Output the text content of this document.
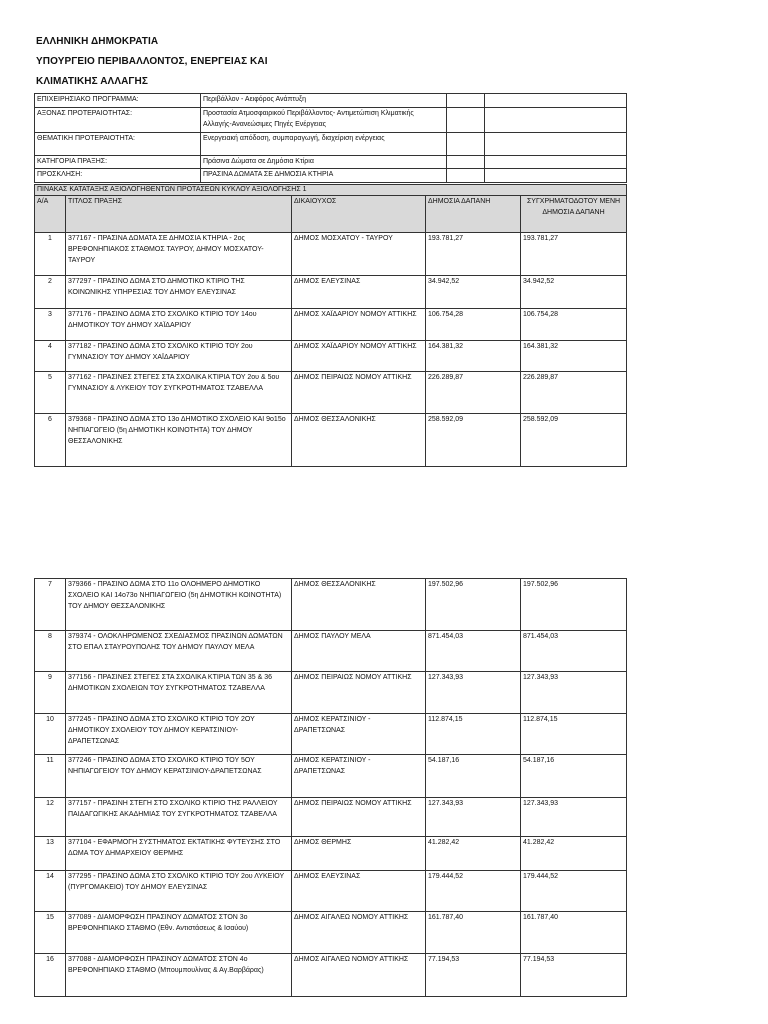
ΕΛΛΗΝΙΚΗ ΔΗΜΟΚΡΑΤΙΑ
ΥΠΟΥΡΓΕΙΟ ΠΕΡΙΒΑΛΛΟΝΤΟΣ, ΕΝΕΡΓΕΙΑΣ ΚΑΙ
ΚΛΙΜΑΤΙΚΗΣ ΑΛΛΑΓΗΣ
ΕΠΙΧΕΙΡΗΣΙΑΚΟ ΠΡΟΓΡΑΜΜΑ:	Περιβάλλον - Αειφόρος Ανάπτυξη		
ΑΞΟΝΑΣ ΠΡΟΤΕΡΑΙΟΤΗΤΑΣ:	Προστασία Ατμοσφαιρικού Περιβάλλοντος- Αντιμετώπιση Κλιματικής Αλλαγής-Ανανεώσιμες Πηγές Ενέργειας		
ΘΕΜΑΤΙΚΗ ΠΡΟΤΕΡΑΙΟΤΗΤΑ:	Ενεργειακή απόδοση, συμπαραγωγή, διαχείριση ενέργειας		
ΚΑΤΗΓΟΡΙΑ ΠΡΑΞΗΣ:	Πράσινα Δώματα σε Δημόσια Κτίρια		
ΠΡΟΣΚΛΗΣΗ:	ΠΡΑΣΙΝΑ ΔΩΜΑΤΑ ΣΕ ΔΗΜΟΣΙΑ ΚΤΗΡΙΑ		
ΠΙΝΑΚΑΣ ΚΑΤΑΤΑΞΗΣ ΑΞΙΟΛΟΓΗΘΕΝΤΩΝ ΠΡΟΤΑΣΕΩΝ ΚΥΚΛΟΥ ΑΞΙΟΛΟΓΗΣΗΣ 1				
Α/Α	ΤΙΤΛΟΣ ΠΡΑΞΗΣ	ΔΙΚΑΙΟΥΧΟΣ	ΔΗΜΟΣΙΑ ΔΑΠΑΝΗ	ΣΥΓΧΡΗΜΑΤΟΔΟΤΟΥ ΜΕΝΗ ΔΗΜΟΣΙΑ ΔΑΠΑΝΗ
1	377167 - ΠΡΑΣΙΝΑ ΔΩΜΑΤΑ ΣΕ ΔΗΜΟΣΙΑ ΚΤΗΡΙΑ - 2ος ΒΡΕΦΟΝΗΠΙΑΚΟΣ ΣΤΑΘΜΟΣ ΤΑΥΡΟΥ, ΔΗΜΟΥ ΜΟΣΧΑΤΟΥ-ΤΑΥΡΟΥ	ΔΗΜΟΣ ΜΟΣΧΑΤΟΥ - ΤΑΥΡΟΥ	193.781,27	193.781,27
2	377297 - ΠΡΑΣΙΝΟ ΔΩΜΑ ΣΤΟ ΔΗΜΟΤΙΚΟ ΚΤΙΡΙΟ ΤΗΣ ΚΟΙΝΩΝΙΚΗΣ ΥΠΗΡΕΣΙΑΣ ΤΟΥ ΔΗΜΟΥ ΕΛΕΥΣΙΝΑΣ	ΔΗΜΟΣ ΕΛΕΥΣΙΝΑΣ	34.942,52	34.942,52
3	377176 - ΠΡΑΣΙΝΟ ΔΩΜΑ ΣΤΟ ΣΧΟΛΙΚΟ ΚΤΙΡΙΟ ΤΟΥ 14ου ΔΗΜΟΤΙΚΟΥ ΤΟΥ ΔΗΜΟΥ ΧΑΪΔΑΡΙΟΥ	ΔΗΜΟΣ ΧΑΪΔΑΡΙΟΥ ΝΟΜΟΥ ΑΤΤΙΚΗΣ	106.754,28	106.754,28
4	377182 - ΠΡΑΣΙΝΟ ΔΩΜΑ ΣΤΟ ΣΧΟΛΙΚΟ ΚΤΙΡΙΟ ΤΟΥ 2ου ΓΥΜΝΑΣΙΟΥ ΤΟΥ ΔΗΜΟΥ ΧΑΪΔΑΡΙΟΥ	ΔΗΜΟΣ ΧΑΪΔΑΡΙΟΥ ΝΟΜΟΥ ΑΤΤΙΚΗΣ	164.381,32	164.381,32
5	377162 - ΠΡΑΣΙΝΕΣ ΣΤΕΓΕΣ ΣΤΑ ΣΧΟΛΙΚΑ ΚΤΙΡΙΑ ΤΟΥ 2ου & 5ου ΓΥΜΝΑΣΙΟΥ & ΛΥΚΕΙΟΥ ΤΟΥ ΣΥΓΚΡΟΤΗΜΑΤΟΣ ΤΖΑΒΕΛΛΑ	ΔΗΜΟΣ ΠΕΙΡΑΙΩΣ ΝΟΜΟΥ ΑΤΤΙΚΗΣ	226.289,87	226.289,87
6	379368 - ΠΡΑΣΙΝΟ ΔΩΜΑ ΣΤΟ 13ο ΔΗΜΟΤΙΚΟ ΣΧΟΛΕΙΟ ΚΑΙ 9ο15ο ΝΗΠΙΑΓΩΓΕΙΟ (5η ΔΗΜΟΤΙΚΗ ΚΟΙΝΟΤΗΤΑ) ΤΟΥ ΔΗΜΟΥ ΘΕΣΣΑΛΟΝΙΚΗΣ	ΔΗΜΟΣ ΘΕΣΣΑΛΟΝΙΚΗΣ	258.592,09	258.592,09
7	379366 - ΠΡΑΣΙΝΟ ΔΩΜΑ ΣΤΟ 11ο ΟΛΟΗΜΕΡΟ ΔΗΜΟΤΙΚΟ ΣΧΟΛΕΙΟ ΚΑΙ 14ο73ο ΝΗΠΙΑΓΩΓΕΙΟ (5η ΔΗΜΟΤΙΚΗ ΚΟΙΝΟΤΗΤΑ) ΤΟΥ ΔΗΜΟΥ ΘΕΣΣΑΛΟΝΙΚΗΣ	ΔΗΜΟΣ ΘΕΣΣΑΛΟΝΙΚΗΣ	197.502,96	197.502,96
8	379374 - ΟΛΟΚΛΗΡΩΜΕΝΟΣ ΣΧΕΔΙΑΣΜΟΣ ΠΡΑΣΙΝΩΝ ΔΩΜΑΤΩΝ ΣΤΟ ΕΠΑΛ ΣΤΑΥΡΟΥΠΟΛΗΣ ΤΟΥ ΔΗΜΟΥ ΠΑΥΛΟΥ ΜΕΛΑ	ΔΗΜΟΣ ΠΑΥΛΟΥ ΜΕΛΑ	871.454,03	871.454,03
9	377156 - ΠΡΑΣΙΝΕΣ ΣΤΕΓΕΣ ΣΤΑ ΣΧΟΛΙΚΑ ΚΤΙΡΙΑ ΤΩΝ 35 & 36 ΔΗΜΟΤΙΚΩΝ ΣΧΟΛΕΙΩΝ ΤΟΥ ΣΥΓΚΡΟΤΗΜΑΤΟΣ ΤΖΑΒΕΛΛΑ	ΔΗΜΟΣ ΠΕΙΡΑΙΩΣ ΝΟΜΟΥ ΑΤΤΙΚΗΣ	127.343,93	127.343,93
10	377245 - ΠΡΑΣΙΝΟ ΔΩΜΑ ΣΤΟ ΣΧΟΛΙΚΟ ΚΤΙΡΙΟ ΤΟΥ 2ΟΥ ΔΗΜΟΤΙΚΟΥ ΣΧΟΛΕΙΟΥ ΤΟΥ ΔΗΜΟΥ ΚΕΡΑΤΣΙΝΙΟΥ-ΔΡΑΠΕΤΣΩΝΑΣ	ΔΗΜΟΣ ΚΕΡΑΤΣΙΝΙΟΥ - ΔΡΑΠΕΤΣΩΝΑΣ	112.874,15	112.874,15
11	377246 - ΠΡΑΣΙΝΟ ΔΩΜΑ ΣΤΟ ΣΧΟΛΙΚΟ ΚΤΙΡΙΟ ΤΟΥ 5ΟΥ ΝΗΠΙΑΓΩΓΕΙΟΥ ΤΟΥ ΔΗΜΟΥ ΚΕΡΑΤΣΙΝΙΟΥ-ΔΡΑΠΕΤΣΩΝΑΣ	ΔΗΜΟΣ ΚΕΡΑΤΣΙΝΙΟΥ - ΔΡΑΠΕΤΣΩΝΑΣ	54.187,16	54.187,16
12	377157 - ΠΡΑΣΙΝΗ ΣΤΕΓΗ ΣΤΟ ΣΧΟΛΙΚΟ ΚΤΙΡΙΟ ΤΗΣ ΡΑΛΛΕΙΟΥ ΠΑΙΔΑΓΩΓΙΚΗΣ ΑΚΑΔΗΜΙΑΣ ΤΟΥ ΣΥΓΚΡΟΤΗΜΑΤΟΣ ΤΖΑΒΕΛΛΑ	ΔΗΜΟΣ ΠΕΙΡΑΙΩΣ ΝΟΜΟΥ ΑΤΤΙΚΗΣ	127.343,93	127.343,93
13	377104 - ΕΦΑΡΜΟΓΗ ΣΥΣΤΗΜΑΤΟΣ ΕΚΤΑΤΙΚΗΣ ΦΥΤΕΥΣΗΣ ΣΤΟ ΔΩΜΑ ΤΟΥ ΔΗΜΑΡΧΕΙΟΥ ΘΕΡΜΗΣ	ΔΗΜΟΣ ΘΕΡΜΗΣ	41.282,42	41.282,42
14	377295 - ΠΡΑΣΙΝΟ ΔΩΜΑ ΣΤΟ ΣΧΟΛΙΚΟ ΚΤΙΡΙΟ ΤΟΥ 2ου ΛΥΚΕΙΟΥ (ΠΥΡΓΟΜΑΚΕΙΟ) ΤΟΥ ΔΗΜΟΥ ΕΛΕΥΣΙΝΑΣ	ΔΗΜΟΣ ΕΛΕΥΣΙΝΑΣ	179.444,52	179.444,52
15	377089 - ΔΙΑΜΟΡΦΩΣΗ ΠΡΑΣΙΝΟΥ ΔΩΜΑΤΟΣ ΣΤΟΝ 3ο ΒΡΕΦΟΝΗΠΙΑΚΟ ΣΤΑΘΜΟ (Εθν. Αντιστάσεως & Ισαύου)	ΔΗΜΟΣ ΑΙΓΑΛΕΩ ΝΟΜΟΥ ΑΤΤΙΚΗΣ	161.787,40	161.787,40
16	377088 - ΔΙΑΜΟΡΦΩΣΗ ΠΡΑΣΙΝΟΥ ΔΩΜΑΤΟΣ ΣΤΟΝ 4ο ΒΡΕΦΟΝΗΠΙΑΚΟ ΣΤΑΘΜΟ (Μπουμπουλίνας & Αγ.Βαρβάρας)	ΔΗΜΟΣ ΑΙΓΑΛΕΩ ΝΟΜΟΥ ΑΤΤΙΚΗΣ	77.194,53	77.194,53
